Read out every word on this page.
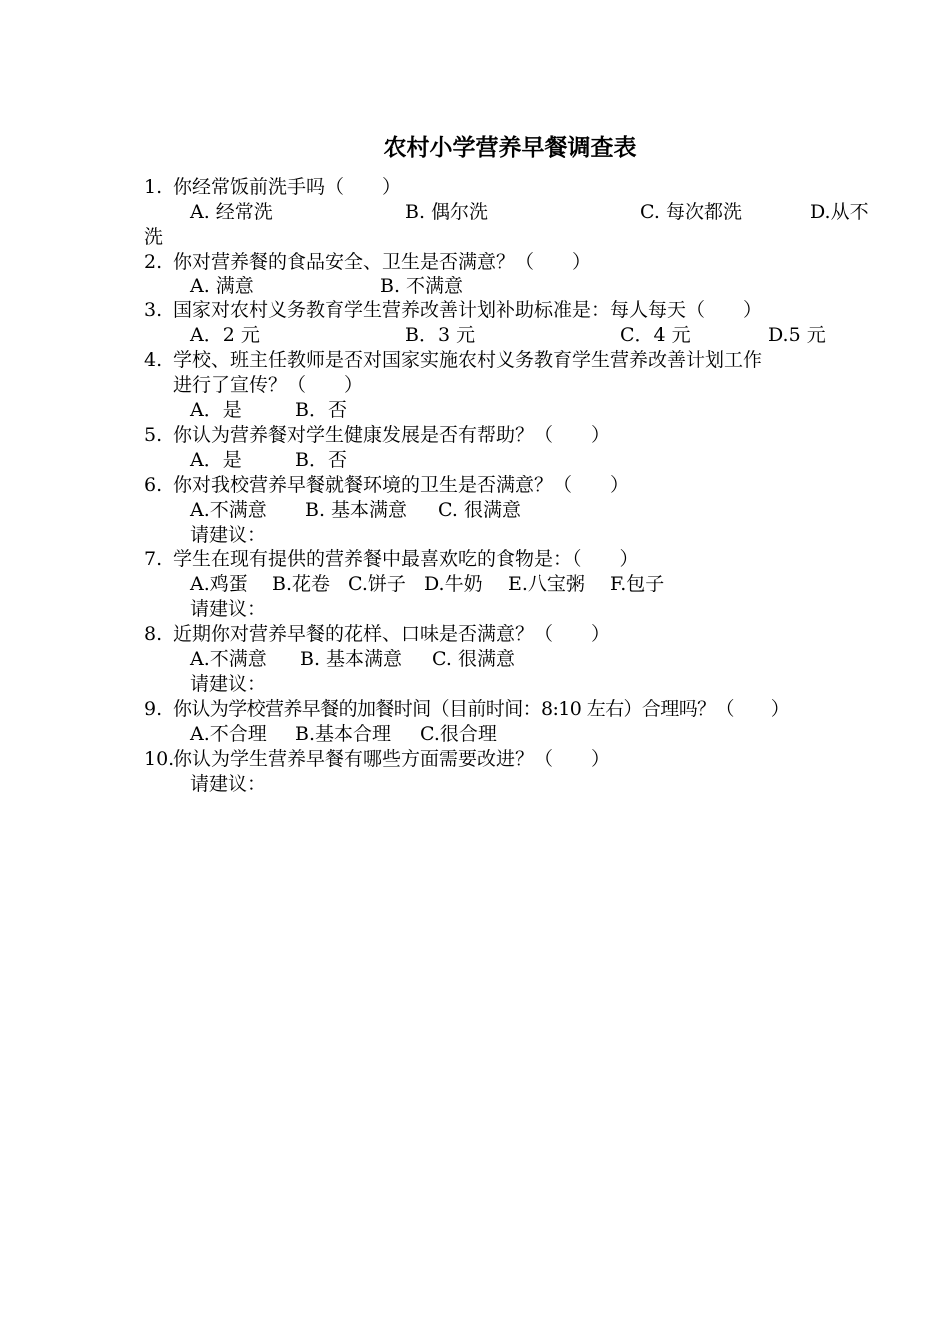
农村小学营养早餐调查表
1. 你经常饭前洗手吗（　　）
A. 经常洗	B. 偶尔洗	C. 每次都洗	D.从不
洗
2. 你对营养餐的食品安全、卫生是否满意？（　　）
A. 满意	B. 不满意
3. 国家对农村义务教育学生营养改善计划补助标准是：每人每天（　　）
A．2 元	B．3 元	C．4 元	D.5 元
4. 学校、班主任教师是否对国家实施农村义务教育学生营养改善计划工作
进行了宣传？（　　）
A．是	B．否
5. 你认为营养餐对学生健康发展是否有帮助？（　　）
A．是	B．否
6. 你对我校营养早餐就餐环境的卫生是否满意？（　　）
A.不满意 B. 基本满意 C. 很满意
请建议：
7. 学生在现有提供的营养餐中最喜欢吃的食物是：（　　）
A.鸡蛋 B.花卷 C.饼子 D.牛奶 E.八宝粥 F.包子
请建议：
8. 近期你对营养早餐的花样、口味是否满意？（　　）
A.不满意 B. 基本满意 C. 很满意
请建议：
9. 你认为学校营养早餐的加餐时间（目前时间：8:10 左右）合理吗？（　　）
A.不合理 B.基本合理 C.很合理
10.
你认为学生营养早餐有哪些方面需要改进？（　　）
请建议：
